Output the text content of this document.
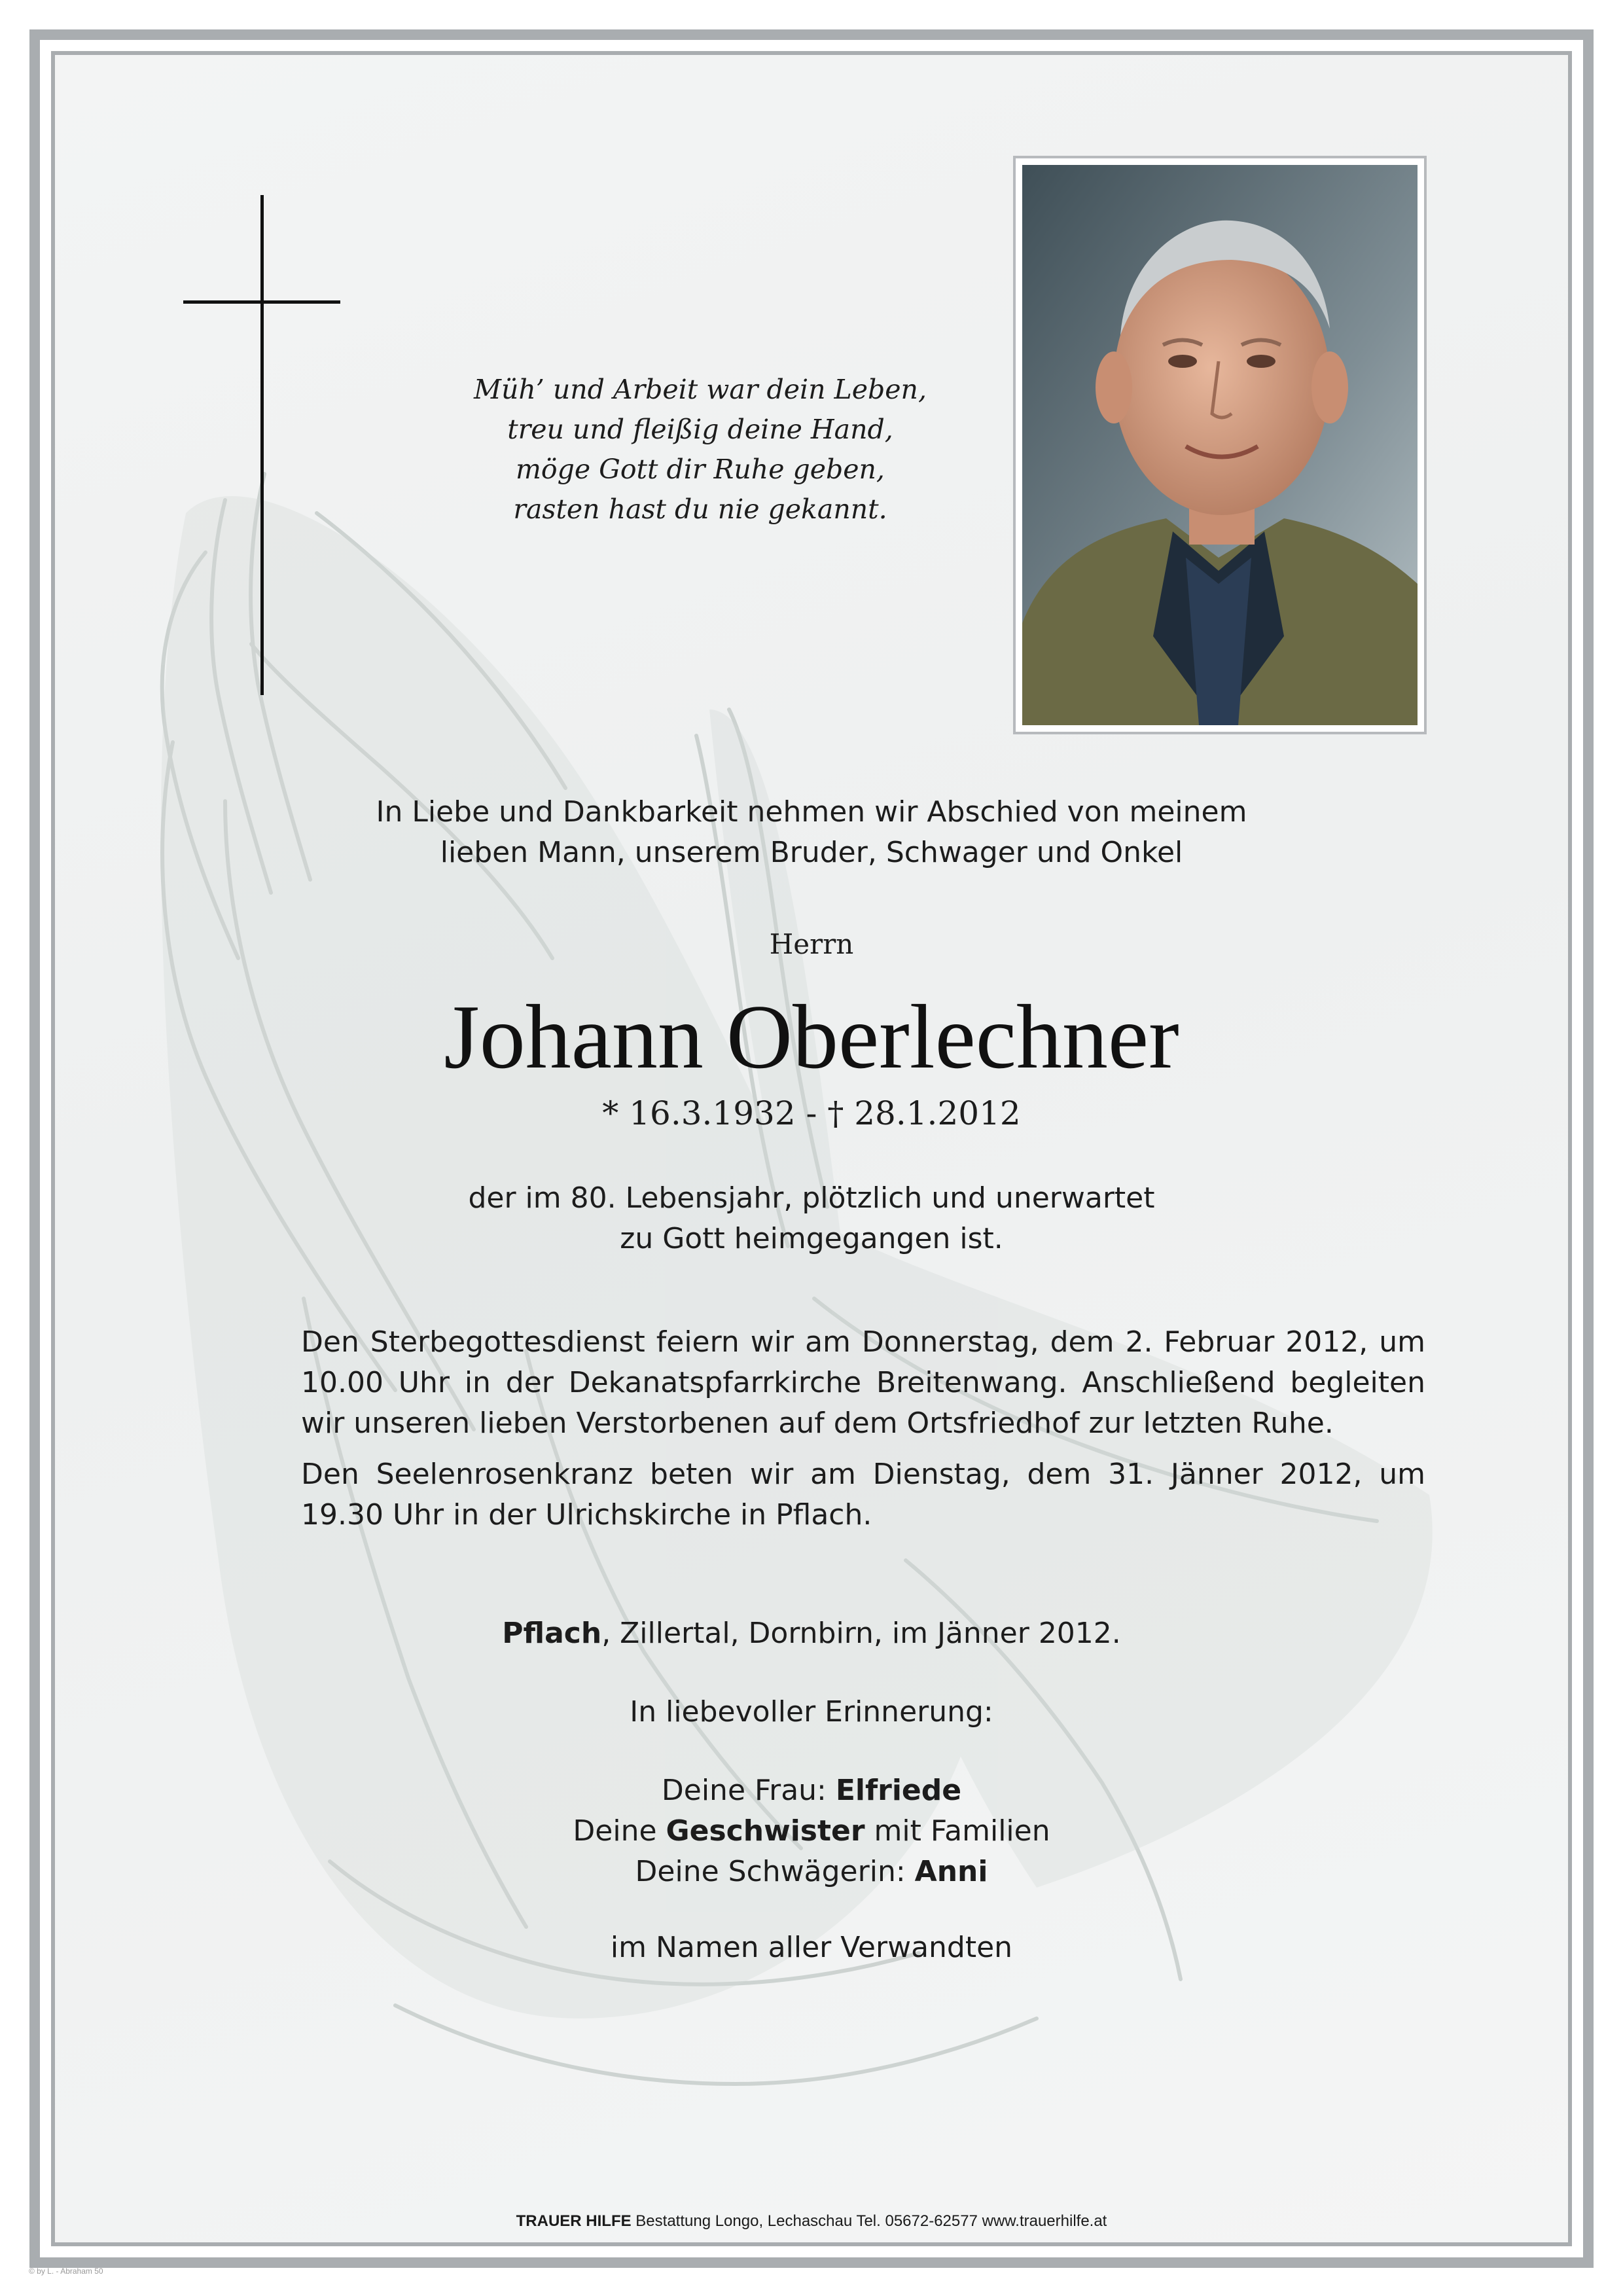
Müh’ und Arbeit war dein Leben,
treu und fleißig deine Hand,
möge Gott dir Ruhe geben,
rasten hast du nie gekannt.
In Liebe und Dankbarkeit nehmen wir Abschied von meinem
lieben Mann, unserem Bruder, Schwager und Onkel
Herrn
Johann Oberlechner
* 16.3.1932 - † 28.1.2012
der im 80. Lebensjahr, plötzlich und unerwartet
zu Gott heimgegangen ist.

Den Sterbegottesdienst feiern wir am Donnerstag, dem 2. Februar 2012, um 10.00 Uhr in der Dekanatspfarrkirche Breitenwang. Anschließend begleiten wir unseren lieben Verstorbenen auf dem Ortsfriedhof zur letzten Ruhe.

Den Seelenrosenkranz beten wir am Dienstag, dem 31. Jänner 2012, um 19.30 Uhr in der Ulrichskirche in Pflach.

Pflach, Zillertal, Dornbirn, im Jänner 2012.
In liebevoller Erinnerung:
Deine Frau: Elfriede
Deine Geschwister mit Familien
Deine Schwägerin: Anni
im Namen aller Verwandten
TRAUER HILFE Bestattung Longo, Lechaschau Tel. 05672-62577 www.trauerhilfe.at
© by L. - Abraham 50
